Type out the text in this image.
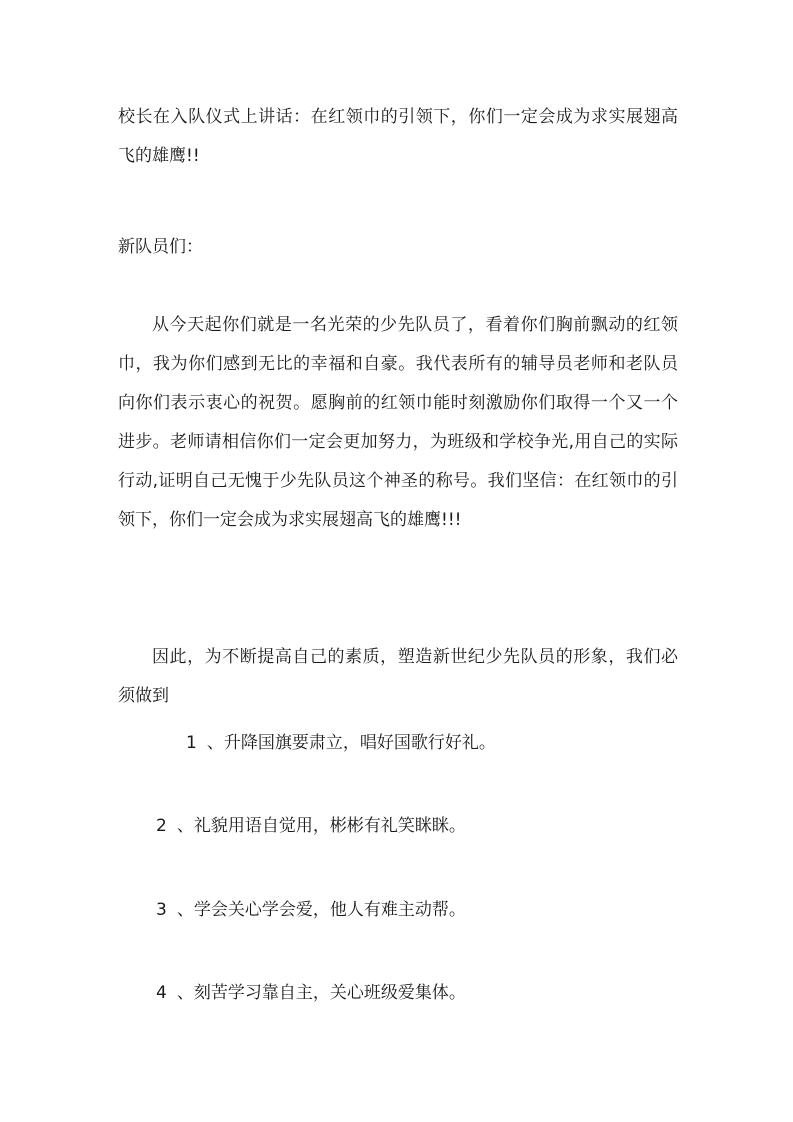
校长在入队仪式上讲话：在红领巾的引领下，你们一定会成为求实展翅高飞的雄鹰!!

新队员们：

从今天起你们就是一名光荣的少先队员了，看着你们胸前飘动的红领巾，我为你们感到无比的幸福和自豪。我代表所有的辅导员老师和老队员向你们表示衷心的祝贺。愿胸前的红领巾能时刻激励你们取得一个又一个进步。老师请相信你们一定会更加努力，为班级和学校争光,用自己的实际行动,证明自己无愧于少先队员这个神圣的称号。我们坚信：在红领巾的引领下，你们一定会成为求实展翅高飞的雄鹰!!!

因此，为不断提高自己的素质，塑造新世纪少先队员的形象，我们必须做到

1 、升降国旗要肃立，唱好国歌行好礼。

2 、礼貌用语自觉用，彬彬有礼笑眯眯。

3 、学会关心学会爱，他人有难主动帮。

4 、刻苦学习靠自主，关心班级爱集体。
